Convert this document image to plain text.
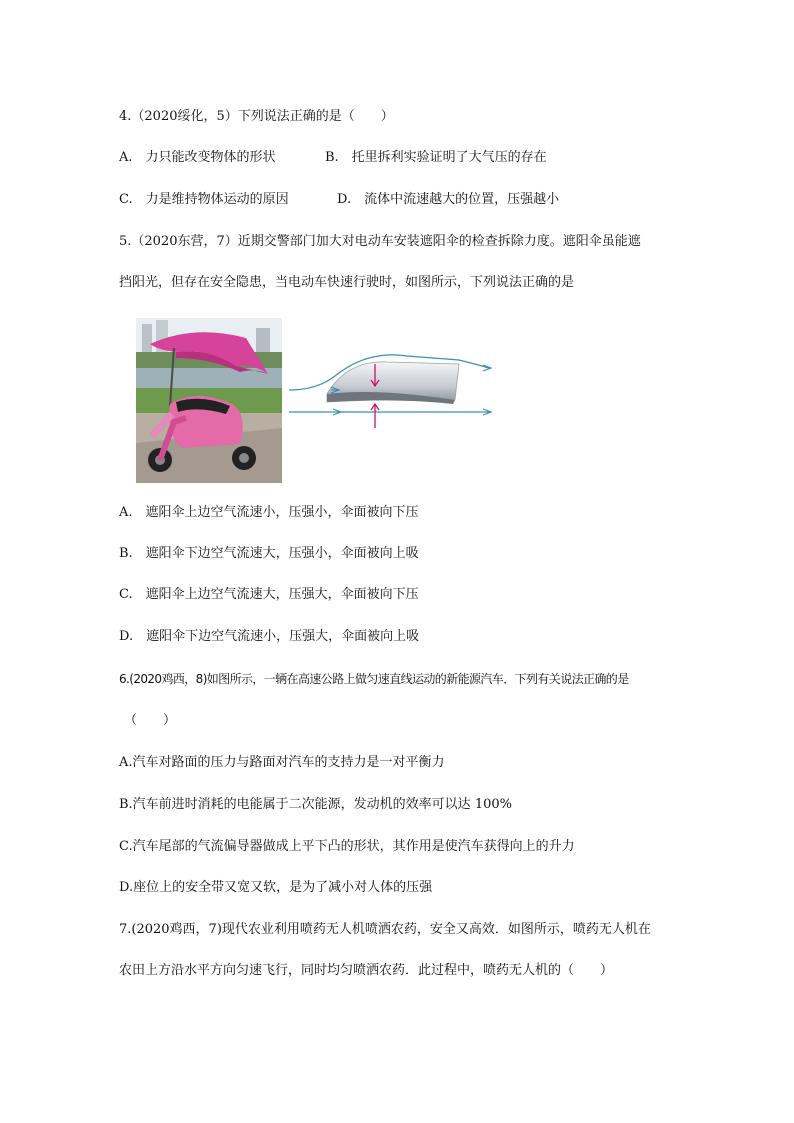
4.（2020绥化，5）下列说法正确的是（　　）
A.　力只能改变物体的形状	B.　托里拆利实验证明了大气压的存在
C.　力是维持物体运动的原因	D.　流体中流速越大的位置，压强越小
5.（2020东营，7）近期交警部门加大对电动车安装遮阳伞的检查拆除力度。遮阳伞虽能遮
挡阳光，但存在安全隐患，当电动车快速行驶时，如图所示，下列说法正确的是
A.　遮阳伞上边空气流速小，压强小，伞面被向下压
B.　遮阳伞下边空气流速大，压强小，伞面被向上吸
C.　遮阳伞上边空气流速大，压强大，伞面被向下压
D.　遮阳伞下边空气流速小，压强大，伞面被向上吸
6.(2020鸡西，8)如图所示，一辆在高速公路上做匀速直线运动的新能源汽车．下列有关说法正确的是
（　　）
A.汽车对路面的压力与路面对汽车的支持力是一对平衡力
B.汽车前进时消耗的电能属于二次能源，发动机的效率可以达 100%
C.汽车尾部的气流偏导器做成上平下凸的形状，其作用是使汽车获得向上的升力
D.座位上的安全带又宽又软，是为了减小对人体的压强
7.(2020鸡西，7)现代农业利用喷药无人机喷洒农药，安全又高效．如图所示，喷药无人机在
农田上方沿水平方向匀速飞行，同时均匀喷洒农药．此过程中，喷药无人机的（　　）
